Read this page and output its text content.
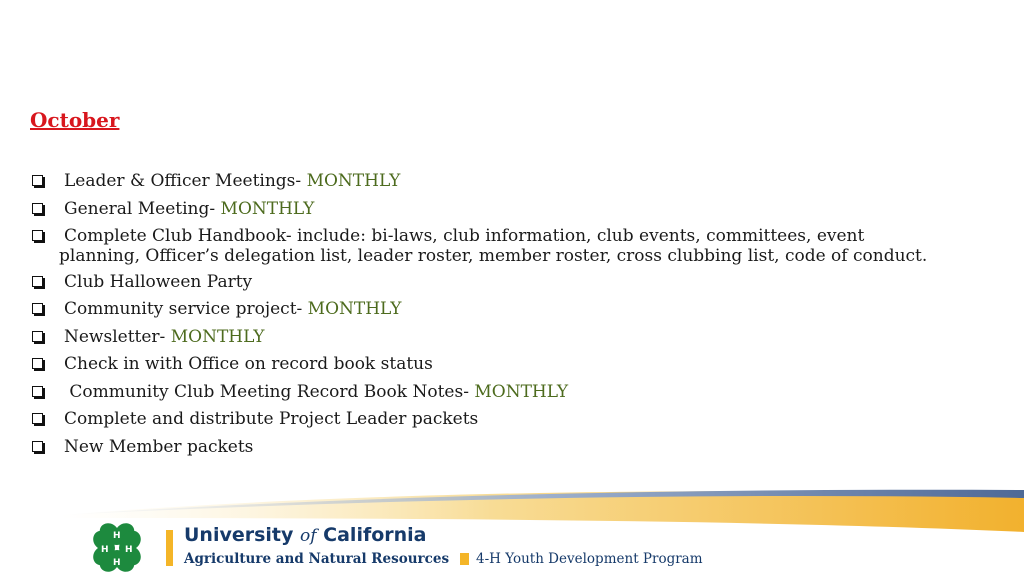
October
Leader & Officer Meetings- MONTHLY
General Meeting- MONTHLY
Complete Club Handbook- include: bi-laws, club information, club events, committees, event
planning, Officer’s delegation list, leader roster, member roster, cross clubbing list, code of conduct.
Club Halloween Party
Community service project- MONTHLY
Newsletter- MONTHLY
Check in with Office on record book status
Community Club Meeting Record Book Notes- MONTHLY
Complete and distribute Project Leader packets
New Member packets
H
H H
H
University of California
Agriculture and Natural Resources 4-H Youth Development Program
